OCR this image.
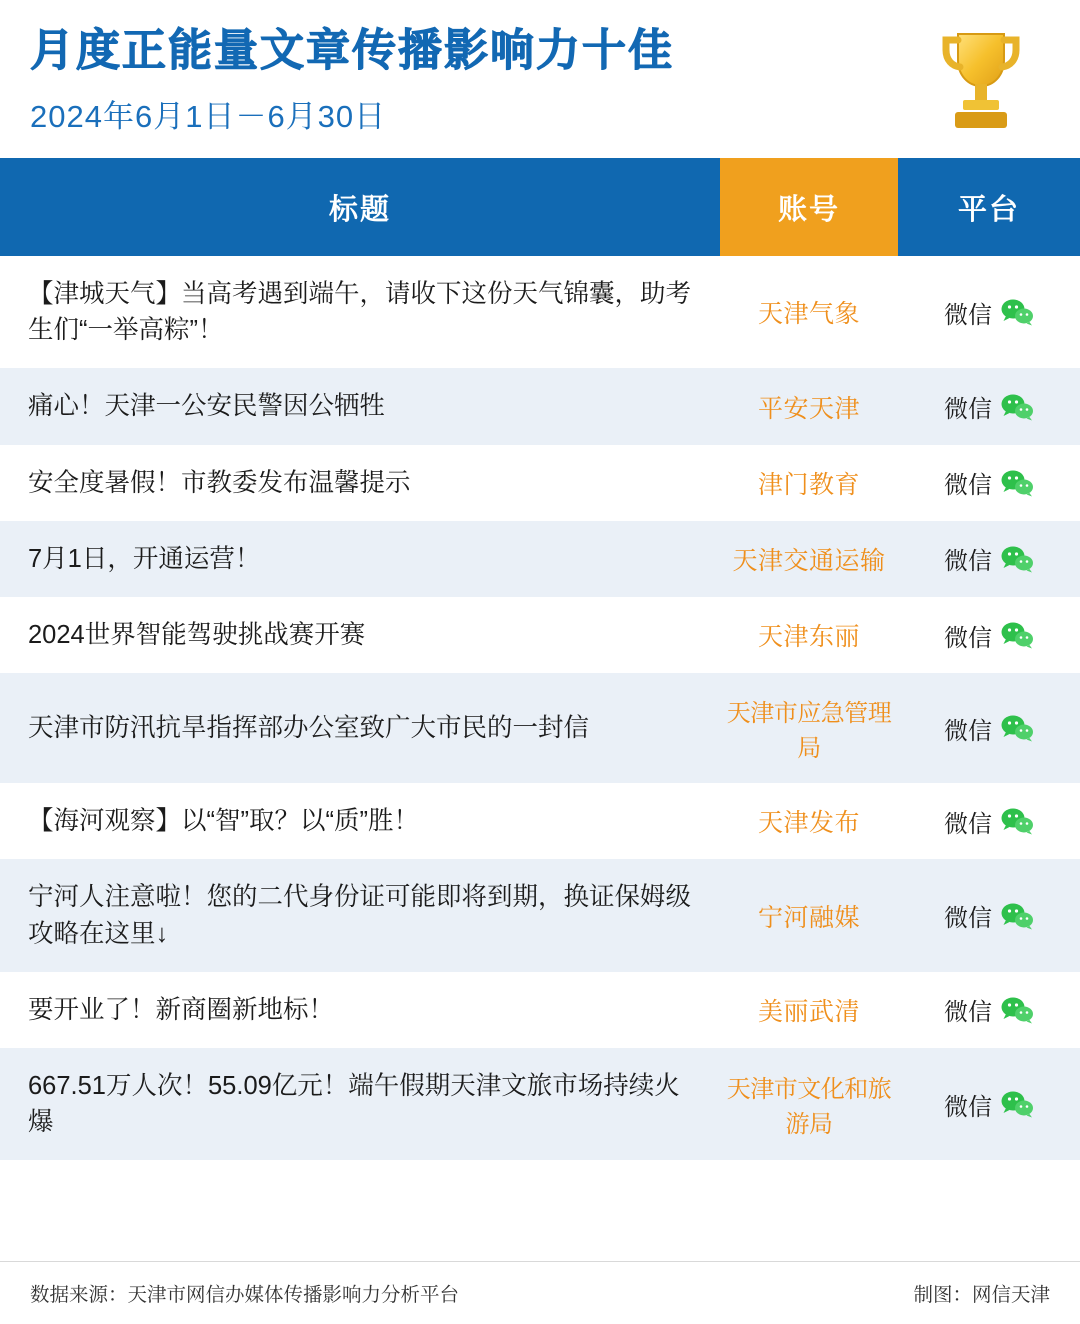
月度正能量文章传播影响力十佳
2024年6月1日－6月30日
标题	账号	平台
【津城天气】当高考遇到端午，请收下这份天气锦囊，助考生们“一举高粽”！	天津气象	微信

痛心！天津一公安民警因公牺牲	平安天津	微信

安全度暑假！市教委发布温馨提示	津门教育	微信

7月1日，开通运营！	天津交通运输	微信

2024世界智能驾驶挑战赛开赛	天津东丽	微信

天津市防汛抗旱指挥部办公室致广大市民的一封信	天津市应急管理局	微信

【海河观察】以“智”取？以“质”胜！	天津发布	微信

宁河人注意啦！您的二代身份证可能即将到期，换证保姆级攻略在这里↓	宁河融媒	微信

要开业了！新商圈新地标！	美丽武清	微信

667.51万人次！55.09亿元！端午假期天津文旅市场持续火爆	天津市文化和旅游局	微信
数据来源：天津市网信办媒体传播影响力分析平台	制图：网信天津
